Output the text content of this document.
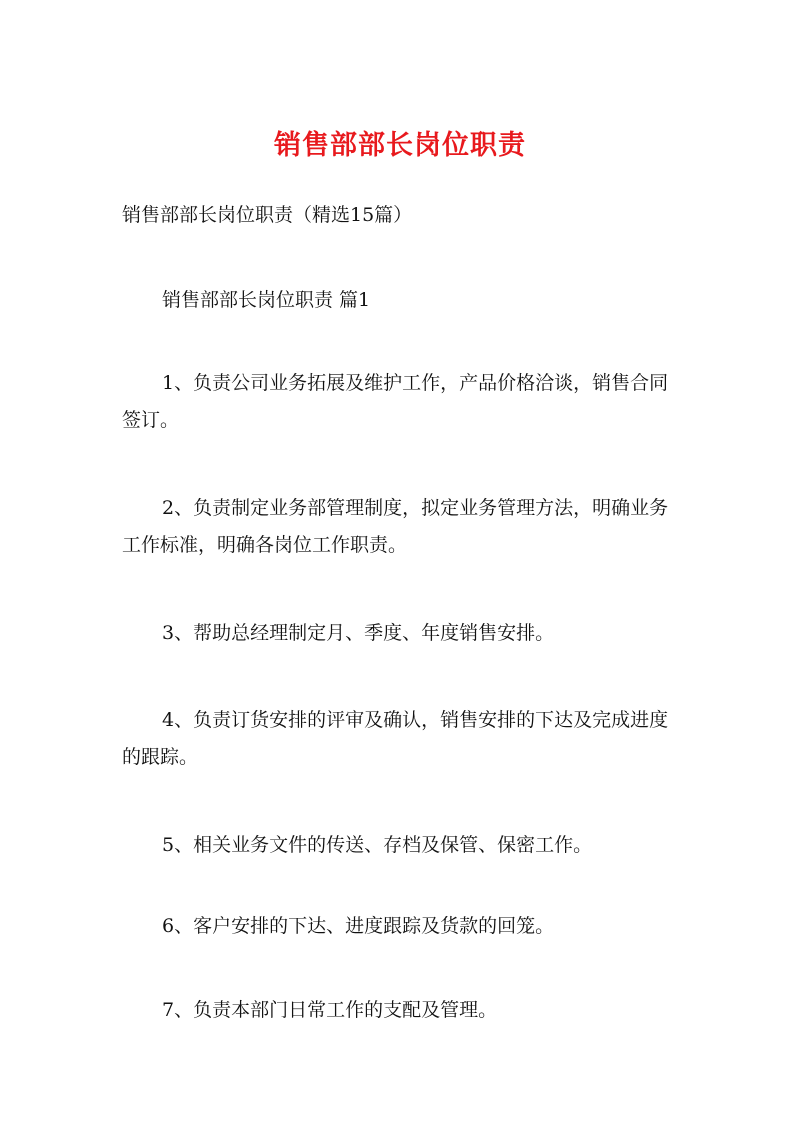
销售部部长岗位职责
销售部部长岗位职责（精选15篇）
销售部部长岗位职责 篇1

1、负责公司业务拓展及维护工作，产品价格洽谈，销售合同签订。

2、负责制定业务部管理制度，拟定业务管理方法，明确业务工作标准，明确各岗位工作职责。

3、帮助总经理制定月、季度、年度销售安排。

4、负责订货安排的评审及确认，销售安排的下达及完成进度的跟踪。

5、相关业务文件的传送、存档及保管、保密工作。

6、客户安排的下达、进度跟踪及货款的回笼。

7、负责本部门日常工作的支配及管理。
